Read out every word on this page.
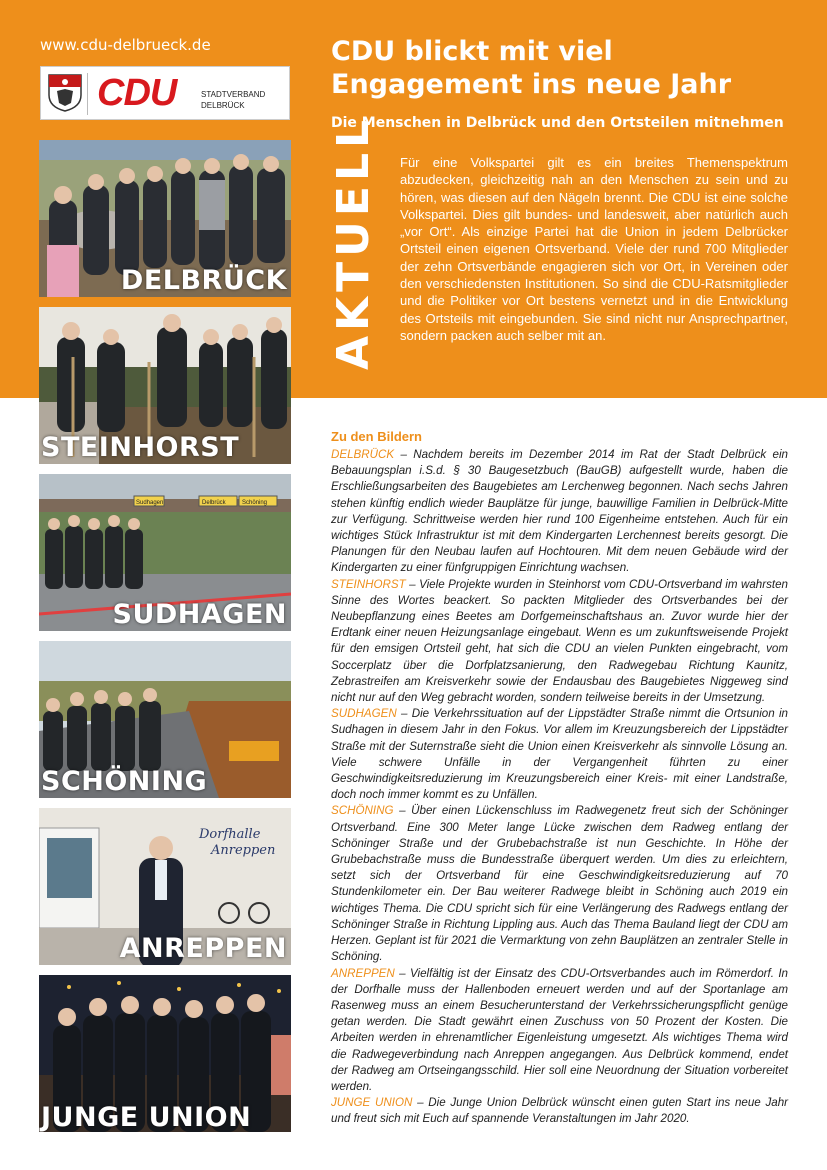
www.cdu-delbrueck.de
CDU	STADTVERBAND
DELBRÜCK
CDU blickt mit viel Engagement ins neue Jahr
Die Menschen in Delbrück und den Ortsteilen mitnehmen
AKTUELL Für eine Volkspartei gilt es ein breites Themenspektrum abzudecken, gleichzeitig nah an den Menschen zu sein und zu hören, was diesen auf den Nägeln brennt. Die CDU ist eine solche Volkspartei. Dies gilt bundes- und landesweit, aber natürlich auch „vor Ort“. Als einzige Partei hat die Union in jedem Delbrücker Ortsteil einen eigenen Ortsverband. Viele der rund 700 Mitglieder der zehn Ortsverbände engagieren sich vor Ort, in Vereinen oder den verschiedensten Institutionen. So sind die CDU-Ratsmitglieder und die Politiker vor Ort bestens vernetzt und in die Entwicklung des Ortsteils mit eingebunden. Sie sind nicht nur Ansprechpartner, sondern packen auch selber mit an.
DELBRÜCK
STEINHORST
Sudhagen	Delbrück	Schöning
SUDHAGEN
SCHÖNING
Dorfhalle
Anreppen
ANREPPEN
JUNGE UNION
Zu den Bildern

DELBRÜCK – Nachdem bereits im Dezember 2014 im Rat der Stadt Delbrück ein Bebauungsplan i.S.d. § 30 Baugesetzbuch (BauGB) aufgestellt wurde, haben die Erschließungsarbeiten des Baugebietes am Lerchenweg begonnen. Nach sechs Jahren stehen künftig endlich wieder Bauplätze für junge, bauwillige Familien in Delbrück-Mitte zur Verfügung. Schrittweise werden hier rund 100 Eigenheime entstehen. Auch für ein wichtiges Stück Infrastruktur ist mit dem Kindergarten Lerchennest bereits gesorgt. Die Planungen für den Neubau laufen auf Hochtouren. Mit dem neuen Gebäude wird der Kindergarten zu einer fünfgruppigen Einrichtung wachsen.

STEINHORST – Viele Projekte wurden in Steinhorst vom CDU-Ortsverband im wahrsten Sinne des Wortes beackert. So packten Mitglieder des Ortsverbandes bei der Neubepflanzung eines Beetes am Dorfgemeinschaftshaus an. Zuvor wurde hier der Erdtank einer neuen Heizungsanlage eingebaut. Wenn es um zukunftsweisende Projekt für den emsigen Ortsteil geht, hat sich die CDU an vielen Punkten eingebracht, vom Soccerplatz über die Dorfplatzsanierung, den Radwegebau Richtung Kaunitz, Zebrastreifen am Kreisverkehr sowie der Endausbau des Baugebietes Niggeweg sind nicht nur auf den Weg gebracht worden, sondern teilweise bereits in der Umsetzung.

SUDHAGEN – Die Verkehrssituation auf der Lippstädter Straße nimmt die Ortsunion in Sudhagen in diesem Jahr in den Fokus. Vor allem im Kreuzungsbereich der Lippstädter Straße mit der Suternstraße sieht die Union einen Kreisverkehr als sinnvolle Lösung an. Viele schwere Unfälle in der Vergangenheit führten zu einer Geschwindigkeitsreduzierung im Kreuzungsbereich einer Kreis- mit einer Landstraße, doch noch immer kommt es zu Unfällen.

SCHÖNING – Über einen Lückenschluss im Radwegenetz freut sich der Schöninger Ortsverband. Eine 300 Meter lange Lücke zwischen dem Radweg entlang der Schöninger Straße und der Grubebachstraße ist nun Geschichte. In Höhe der Grubebachstraße muss die Bundesstraße überquert werden. Um dies zu erleichtern, setzt sich der Ortsverband für eine Geschwindigkeitsreduzierung auf 70 Stundenkilometer ein. Der Bau weiterer Radwege bleibt in Schöning auch 2019 ein wichtiges Thema. Die CDU spricht sich für eine Verlängerung des Radwegs entlang der Schöninger Straße in Richtung Lippling aus. Auch das Thema Bauland liegt der CDU am Herzen. Geplant ist für 2021 die Vermarktung von zehn Bauplätzen an zentraler Stelle in Schöning.

ANREPPEN – Vielfältig ist der Einsatz des CDU-Ortsverbandes auch im Römerdorf. In der Dorfhalle muss der Hallenboden erneuert werden und auf der Sportanlage am Rasenweg muss an einem Besucherunterstand der Verkehrssicherungspflicht genüge getan werden. Die Stadt gewährt einen Zuschuss von 50 Prozent der Kosten. Die Arbeiten werden in ehrenamtlicher Eigenleistung umgesetzt. Als wichtiges Thema wird die Radwegeverbindung nach Anreppen angegangen. Aus Delbrück kommend, endet der Radweg am Ortseingangsschild. Hier soll eine Neuordnung der Situation vorbereitet werden.

JUNGE UNION – Die Junge Union Delbrück wünscht einen guten Start ins neue Jahr und freut sich mit Euch auf spannende Veranstaltungen im Jahr 2020.
